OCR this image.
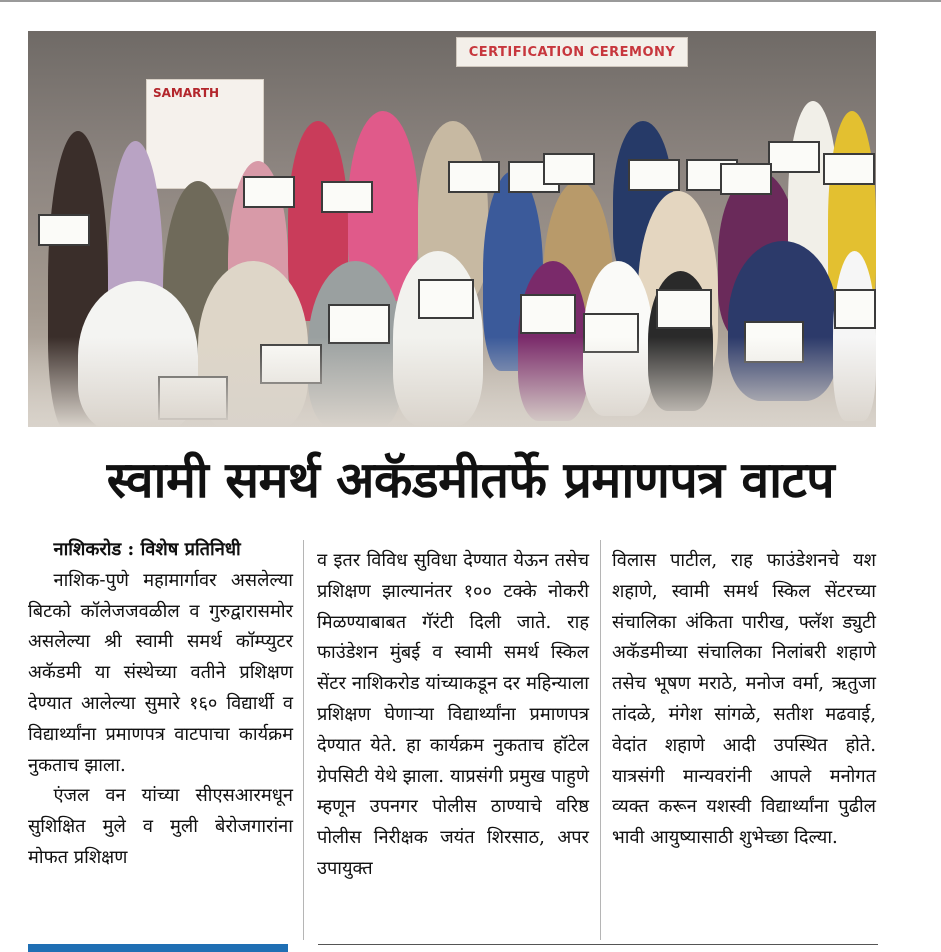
CERTIFICATION CEREMONY
SAMARTH
स्वामी समर्थ अकॅडमीतर्फे प्रमाणपत्र वाटप

नाशिकरोड : विशेष प्रतिनिधी

नाशिक-पुणे महामार्गावर असलेल्या बिटको कॉलेजजवळील व गुरुद्वारासमोर असलेल्या श्री स्वामी समर्थ कॉम्प्युटर अकॅडमी या संस्थेच्या वतीने प्रशिक्षण देण्यात आलेल्या सुमारे १६० विद्यार्थी व विद्यार्थ्यांना प्रमाणपत्र वाटपाचा कार्यक्रम नुकताच झाला.

एंजल वन यांच्या सीएसआरमधून सुशिक्षित मुले व मुली बेरोजगारांना मोफत प्रशिक्षण

व इतर विविध सुविधा देण्यात येऊन तसेच प्रशिक्षण झाल्यानंतर १०० टक्के नोकरी मिळण्याबाबत गॅरंटी दिली जाते. राह फाउंडेशन मुंबई व स्वामी समर्थ स्किल सेंटर नाशिकरोड यांच्याकडून दर महिन्याला प्रशिक्षण घेणाऱ्या विद्यार्थ्यांना प्रमाणपत्र देण्यात येते. हा कार्यक्रम नुकताच हॉटेल ग्रेपसिटी येथे झाला. याप्रसंगी प्रमुख पाहुणे म्हणून उपनगर पोलीस ठाण्याचे वरिष्ठ पोलीस निरीक्षक जयंत शिरसाठ, अपर उपायुक्त

विलास पाटील, राह फाउंडेशनचे यश शहाणे, स्वामी समर्थ स्किल सेंटरच्या संचालिका अंकिता पारीख, फ्लॅश ड्युटी अकॅडमीच्या संचालिका निलांबरी शहाणे तसेच भूषण मराठे, मनोज वर्मा, ऋतुजा तांदळे, मंगेश सांगळे, सतीश मढवाई, वेदांत शहाणे आदी उपस्थित होते. यात्रसंगी मान्यवरांनी आपले मनोगत व्यक्त करून यशस्वी विद्यार्थ्यांना पुढील भावी आयुष्यासाठी शुभेच्छा दिल्या.
